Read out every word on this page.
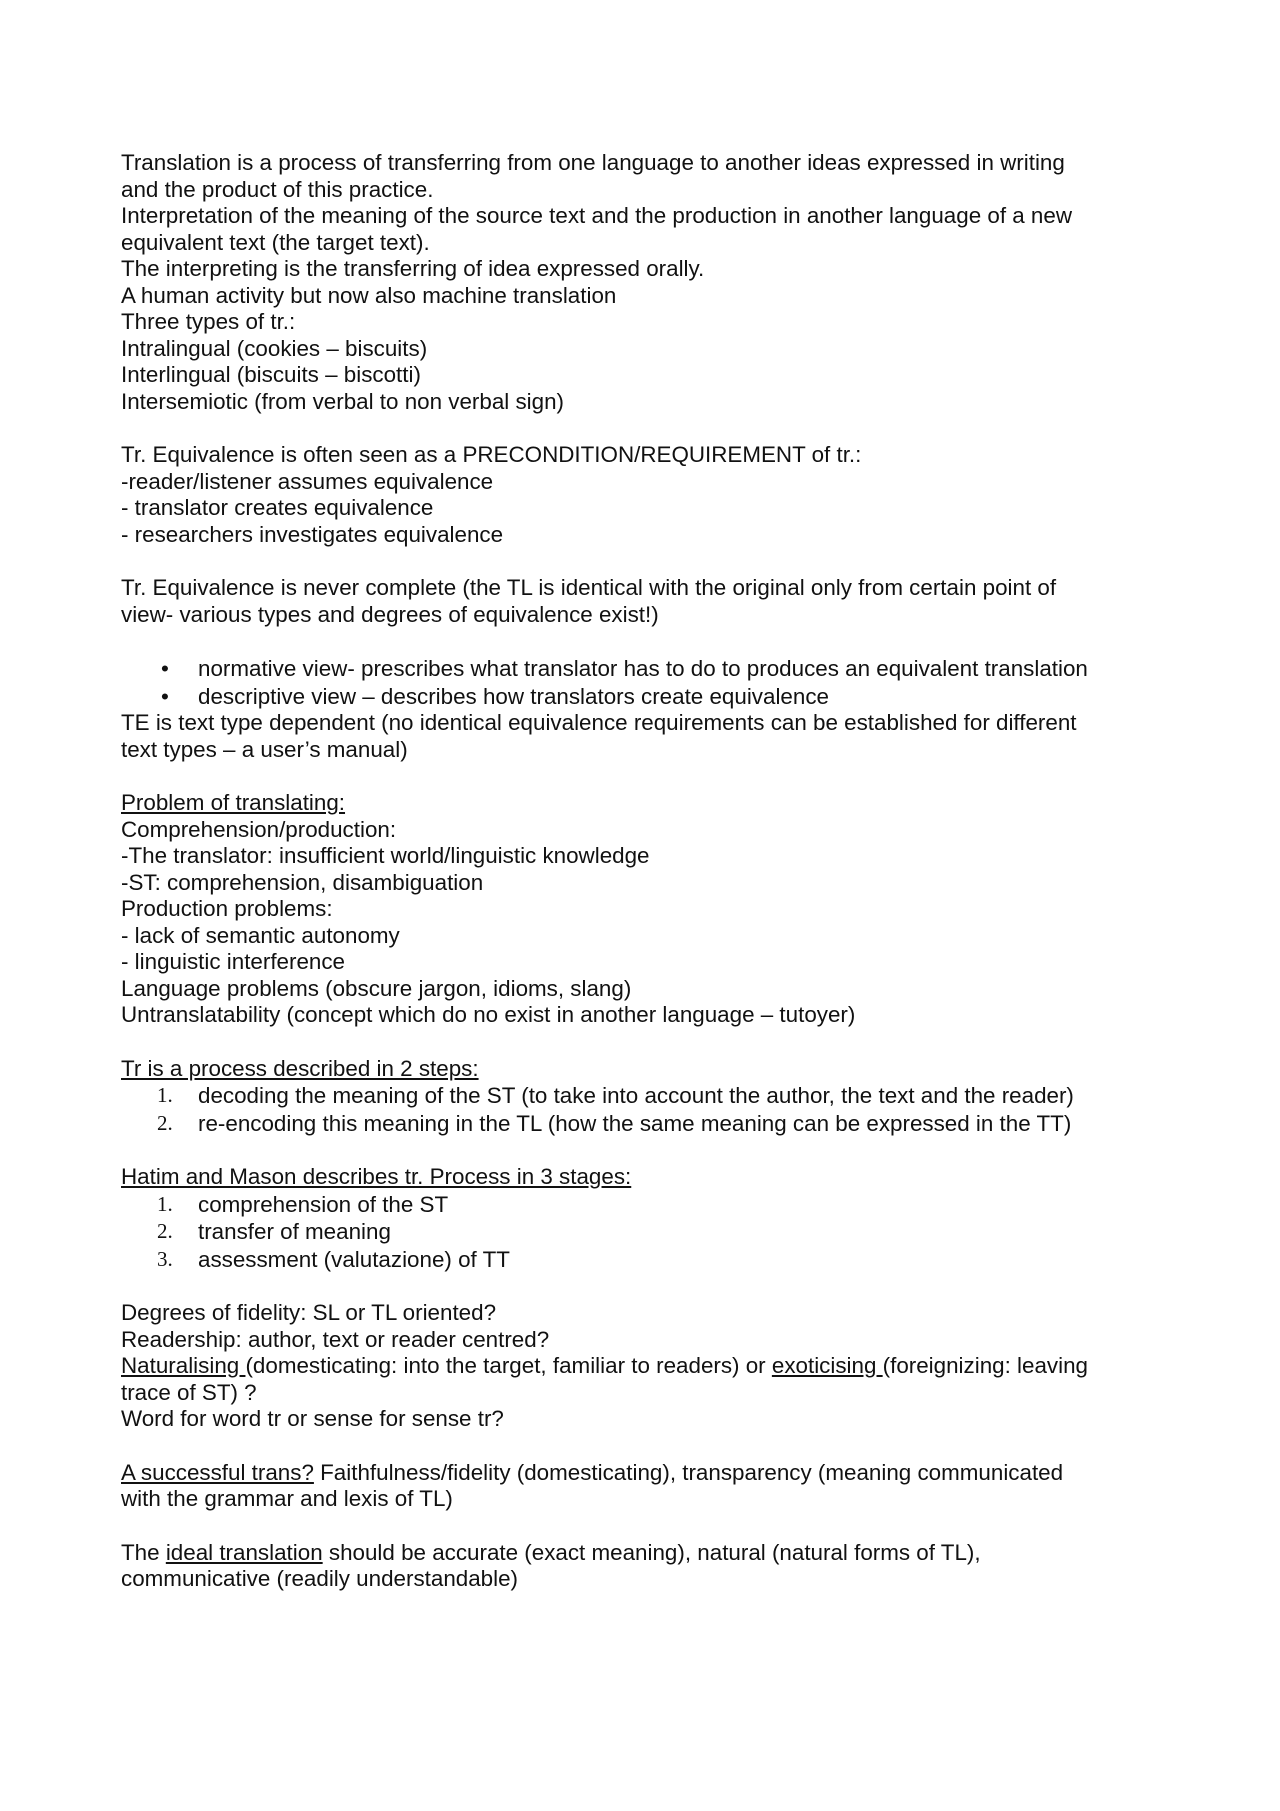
Translation is a process of transferring from one language to another ideas expressed in writing

and the product of this practice.

Interpretation of the meaning of the source text and the production in another language of a new

equivalent text (the target text).

The interpreting is the transferring of idea expressed orally.

A human activity but now also machine translation

Three types of tr.:

Intralingual (cookies – biscuits)

Interlingual (biscuits – biscotti)

Intersemiotic (from verbal to non verbal sign)

Tr. Equivalence is often seen as a PRECONDITION/REQUIREMENT of tr.:

-reader/listener assumes equivalence

- translator creates equivalence

- researchers investigates equivalence

Tr. Equivalence is never complete (the TL is identical with the original only from certain point of

view- various types and degrees of equivalence exist!)

• normative view- prescribes what translator has to do to produces an equivalent translation
• descriptive view – describes how translators create equivalence

TE is text type dependent (no identical equivalence requirements can be established for different

text types – a user’s manual)

Problem of translating:

Comprehension/production:

-The translator: insufficient world/linguistic knowledge

-ST: comprehension, disambiguation

Production problems:

- lack of semantic autonomy

- linguistic interference

Language problems (obscure jargon, idioms, slang)

Untranslatability (concept which do no exist in another language – tutoyer)

Tr is a process described in 2 steps:

1. decoding the meaning of the ST (to take into account the author, the text and the reader)
2. re-encoding this meaning in the TL (how the same meaning can be expressed in the TT)

Hatim and Mason describes tr. Process in 3 stages:

1. comprehension of the ST
2. transfer of meaning
3. assessment (valutazione) of TT

Degrees of fidelity: SL or TL oriented?

Readership: author, text or reader centred?

Naturalising (domesticating: into the target, familiar to readers) or exoticising (foreignizing: leaving

trace of ST) ?

Word for word tr or sense for sense tr?

A successful trans? Faithfulness/fidelity (domesticating), transparency (meaning communicated

with the grammar and lexis of TL)

The ideal translation should be accurate (exact meaning), natural (natural forms of TL),

communicative (readily understandable)
